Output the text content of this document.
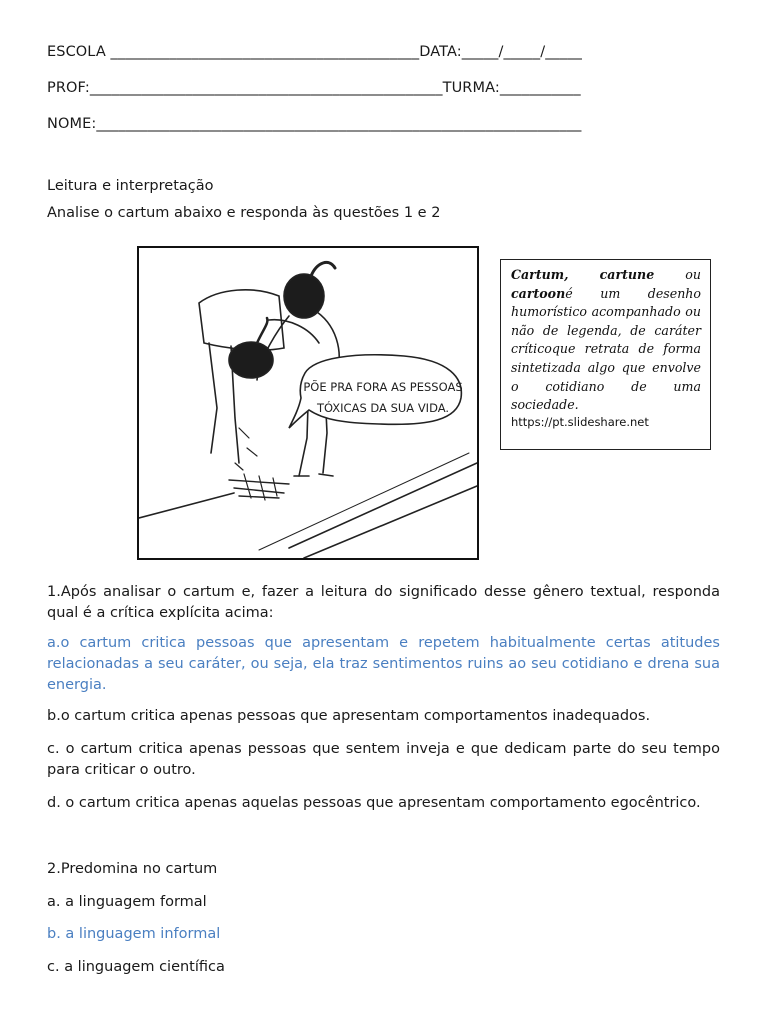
ESCOLA __________________________________________DATA:_____/_____/_____
PROF:________________________________________________TURMA:___________
NOME:__________________________________________________________________
Leitura e interpretação
Analise o cartum abaixo e responda às questões 1 e 2
PÕE PRA FORA AS PESSOAS
TÓXICAS DA SUA VIDA.
Cartum, cartune ou cartooné um desenho humorístico acompanhado ou não de legenda, de caráter críticoque retrata de forma sintetizada algo que envolve o cotidiano de uma sociedade.
https://pt.slideshare.net
1.Após analisar o cartum e, fazer a leitura do significado desse gênero textual, responda qual é a crítica explícita acima:
a.o cartum critica pessoas que apresentam e repetem habitualmente certas atitudes relacionadas a seu caráter, ou seja, ela traz sentimentos ruins ao seu cotidiano e drena sua energia.
b.o cartum critica apenas pessoas que apresentam comportamentos inadequados.
c. o cartum critica apenas pessoas que sentem inveja e que dedicam parte do seu tempo para criticar o outro.
d. o cartum critica apenas aquelas pessoas que apresentam comportamento egocêntrico.
2.Predomina no cartum
a. a linguagem formal
b. a linguagem informal
c. a linguagem científica
